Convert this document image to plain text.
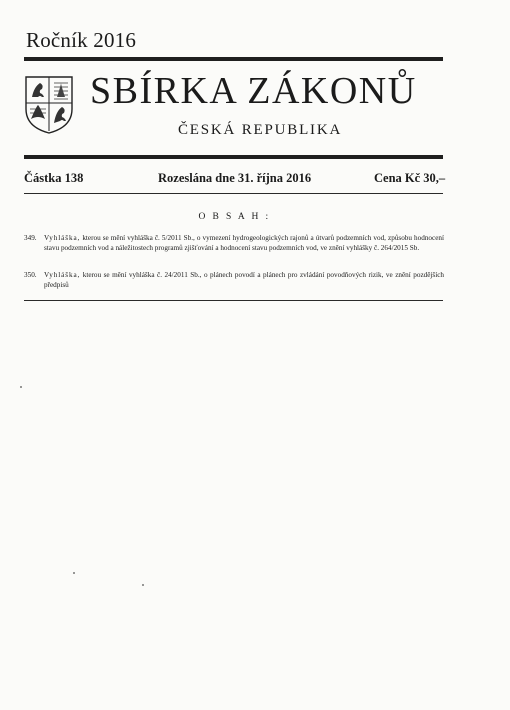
Ročník 2016
SBÍRKA ZÁKONŮ
ČESKÁ REPUBLIKA
Částka 138	Rozeslána dne 31. října 2016	Cena Kč 30,–
O B S A H :
349. Vyhláška, kterou se mění vyhláška č. 5/2011 Sb., o vymezení hydrogeologických rajonů a útvarů podzemních vod, způsobu hodnocení stavu podzemních vod a náležitostech programů zjišťování a hodnocení stavu podzemních vod, ve znění vyhlášky č. 264/2015 Sb.
350. Vyhláška, kterou se mění vyhláška č. 24/2011 Sb., o plánech povodí a plánech pro zvládání povodňových rizik, ve znění pozdějších předpisů
